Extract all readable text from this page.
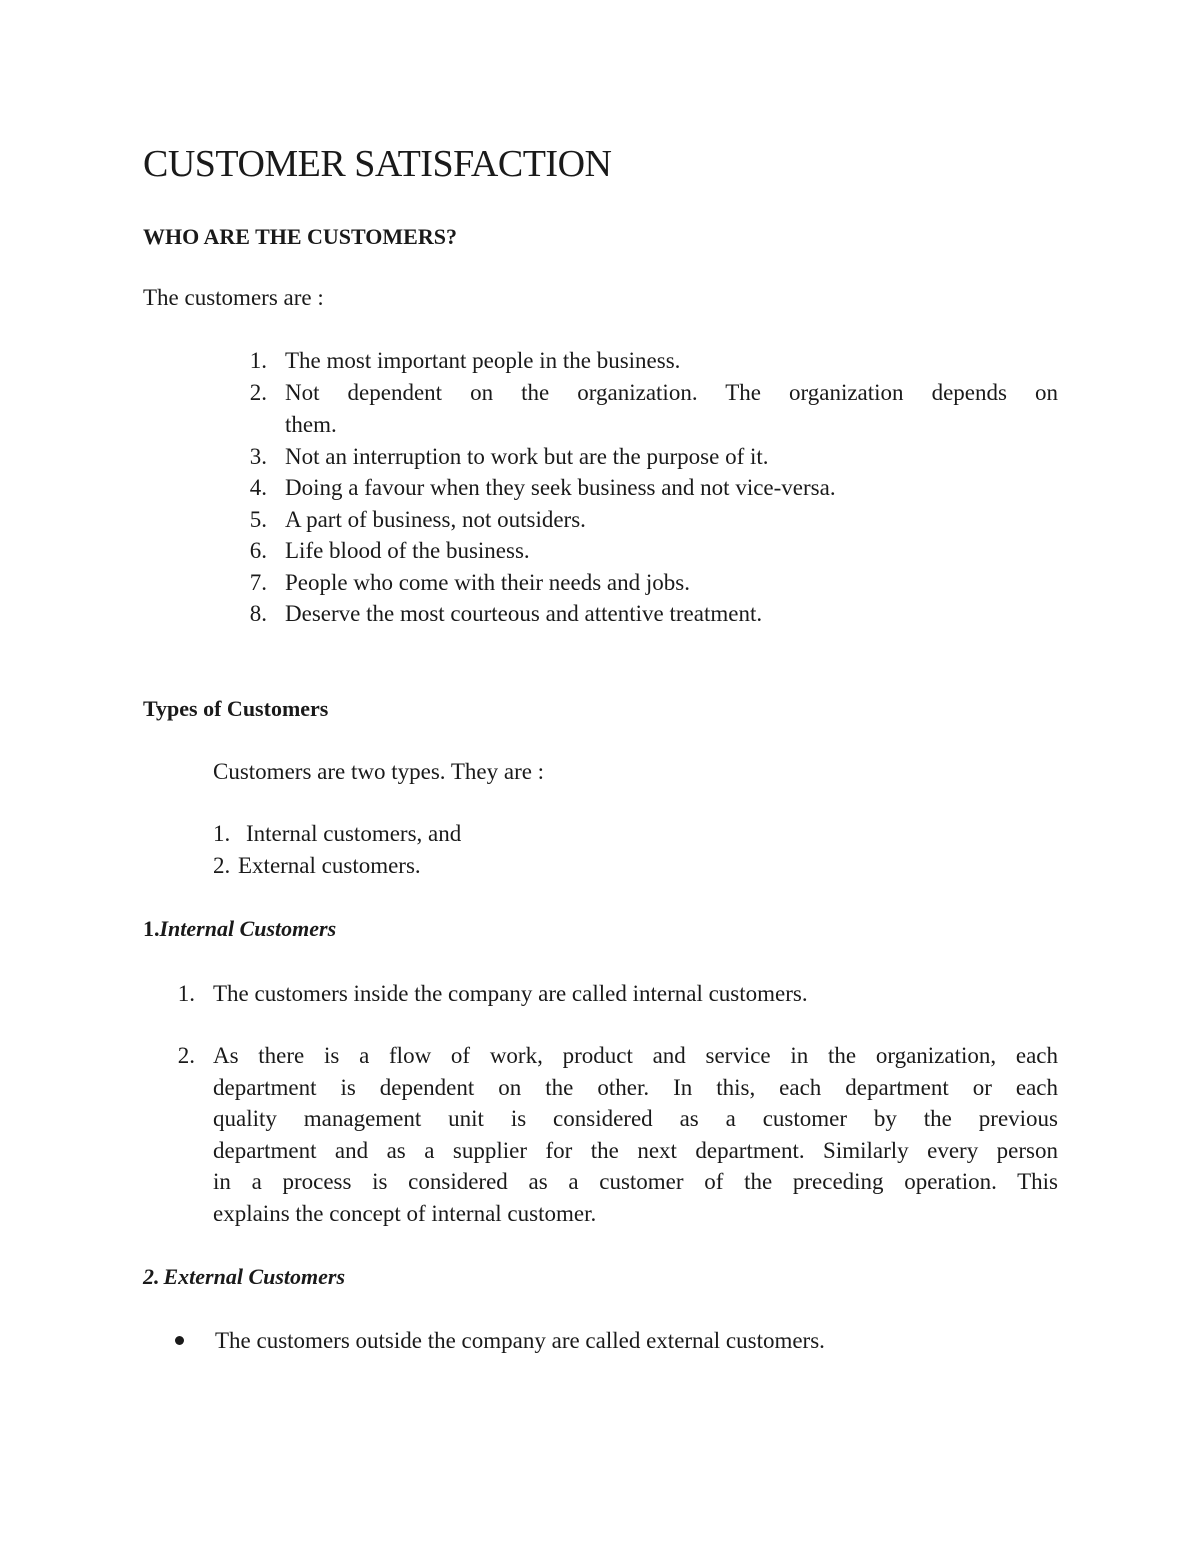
CUSTOMER SATISFACTION
WHO ARE THE CUSTOMERS?
The customers are :
1. The most important people in the business.
2. Not dependent on the organization. The organization depends on
them.
3. Not an interruption to work but are the purpose of it.
4. Doing a favour when they seek business and not vice-versa.
5. A part of business, not outsiders.
6. Life blood of the business.
7. People who come with their needs and jobs.
8. Deserve the most courteous and attentive treatment.
Types of Customers
Customers are two types. They are :
1. Internal customers, and
2. External customers.
1.Internal Customers
1. The customers inside the company are called internal customers.
2. As there is a flow of work, product and service in the organization, each
department is dependent on the other. In this, each department or each
quality management unit is considered as a customer by the previous
department and as a supplier for the next department. Similarly every person
in a process is considered as a customer of the preceding operation. This
explains the concept of internal customer.
2. External Customers
The customers outside the company are called external customers.
